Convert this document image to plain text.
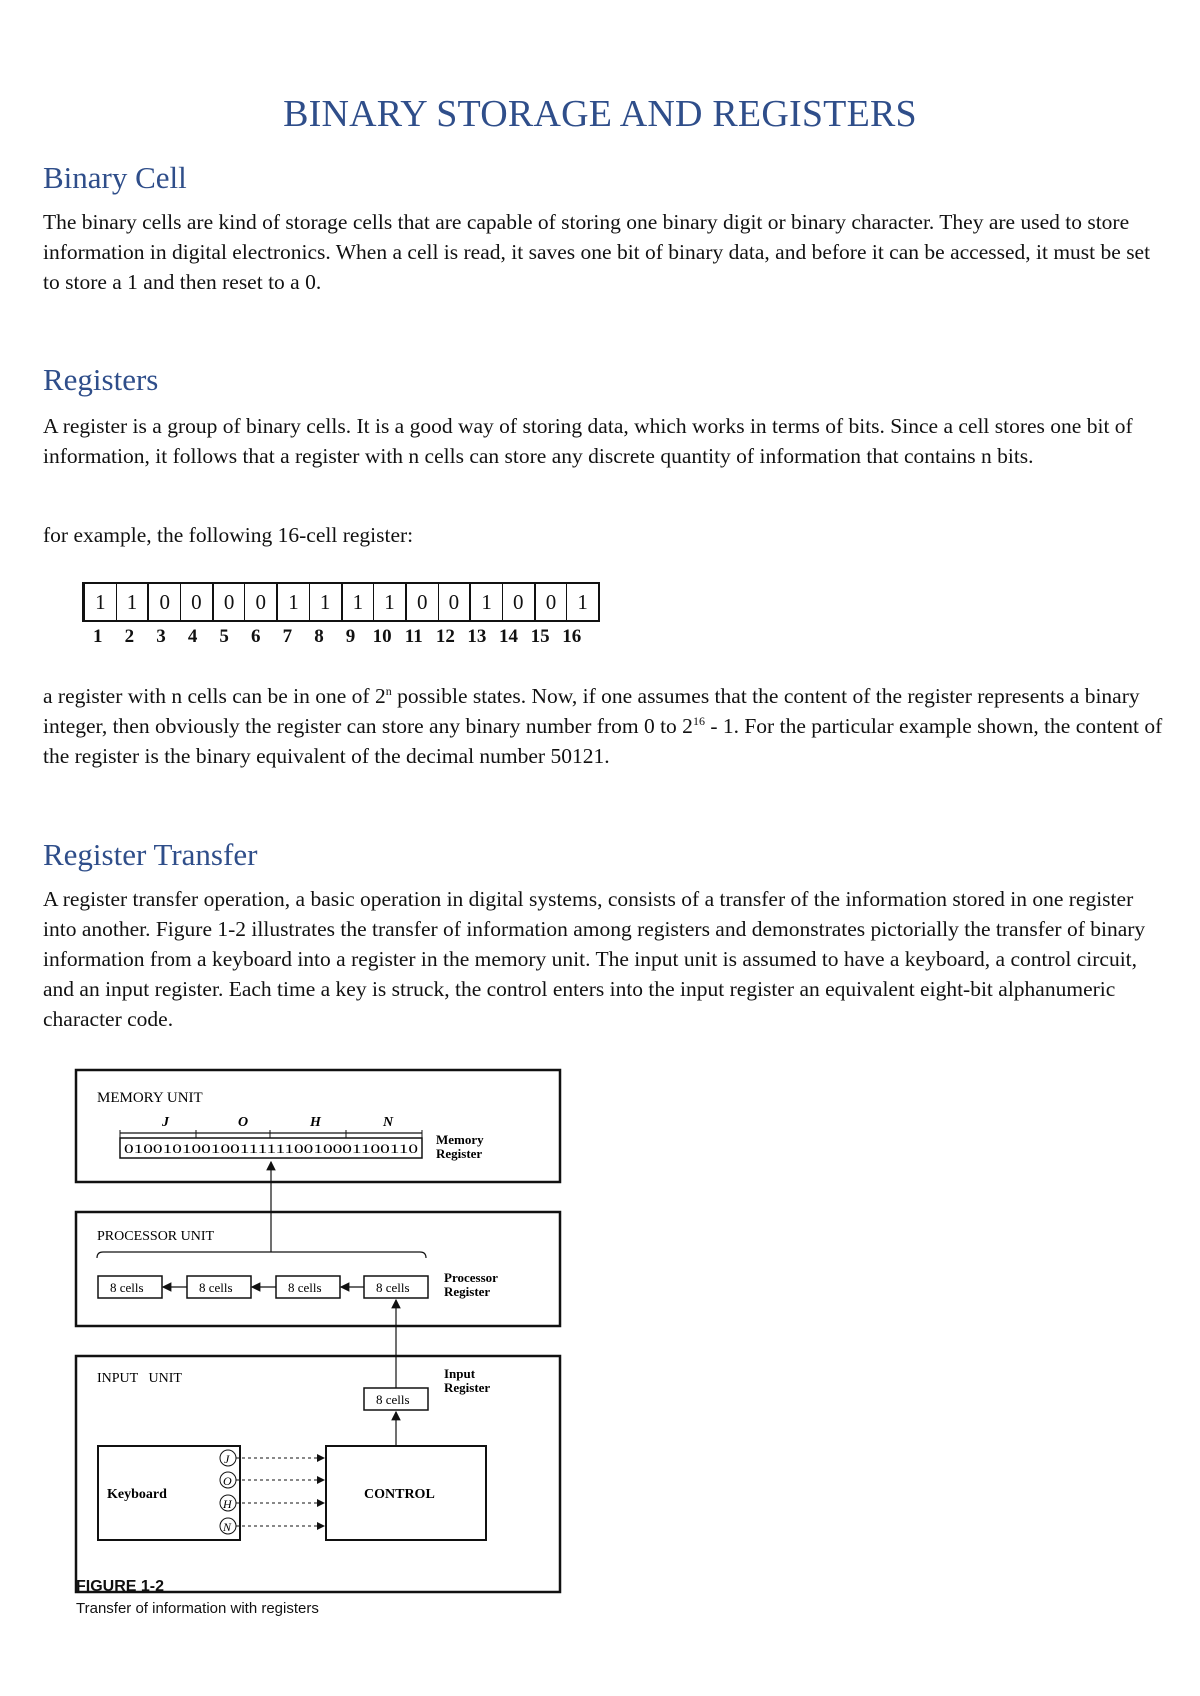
BINARY STORAGE AND REGISTERS
Binary Cell

The binary cells are kind of storage cells that are capable of storing one binary digit or binary character. They are used to store information in digital electronics. When a cell is read, it saves one bit of binary data, and before it can be accessed, it must be set to store a 1 and then reset to a 0.

Registers

A register is a group of binary cells. It is a good way of storing data, which works in terms of bits. Since a cell stores one bit of information, it follows that a register with n cells can store any discrete quantity of information that contains n bits.

for example, the following 16-cell register:

1	1	0	0	0	0	1	1	1	1	0	0	1	0	0	1
1	2	3	4	5	6	7	8	9 10 11 12 13 14 15 16

a register with n cells can be in one of 2$^n$ possible states. Now, if one assumes that the content of the register represents a binary integer, then obviously the register can store any binary number from 0 to $2^{16} - 1$. For the particular example shown, the content of the register is the binary equivalent of the decimal number 50121.

Register Transfer

A register transfer operation, a basic operation in digital systems, consists of a transfer of the information stored in one register into another. Figure 1-2 illustrates the transfer of information among registers and demonstrates pictorially the transfer of binary information from a keyboard into a register in the memory unit. The input unit is assumed to have a keyboard, a control circuit, and an input register. Each time a key is struck, the control enters into the input register an equivalent eight-bit alphanumeric character code.

MEMORY UNIT
J	O	H	N
0100101001001111110010001100110
Memory
Register
PROCESSOR UNIT
8 cells	8 cells	8 cells	8 cells
Processor
Register
INPUT   UNIT
8 cells
Input
Register
Keyboard
J
O
H
N
CONTROL
FIGURE 1-2
Transfer of information with registers
